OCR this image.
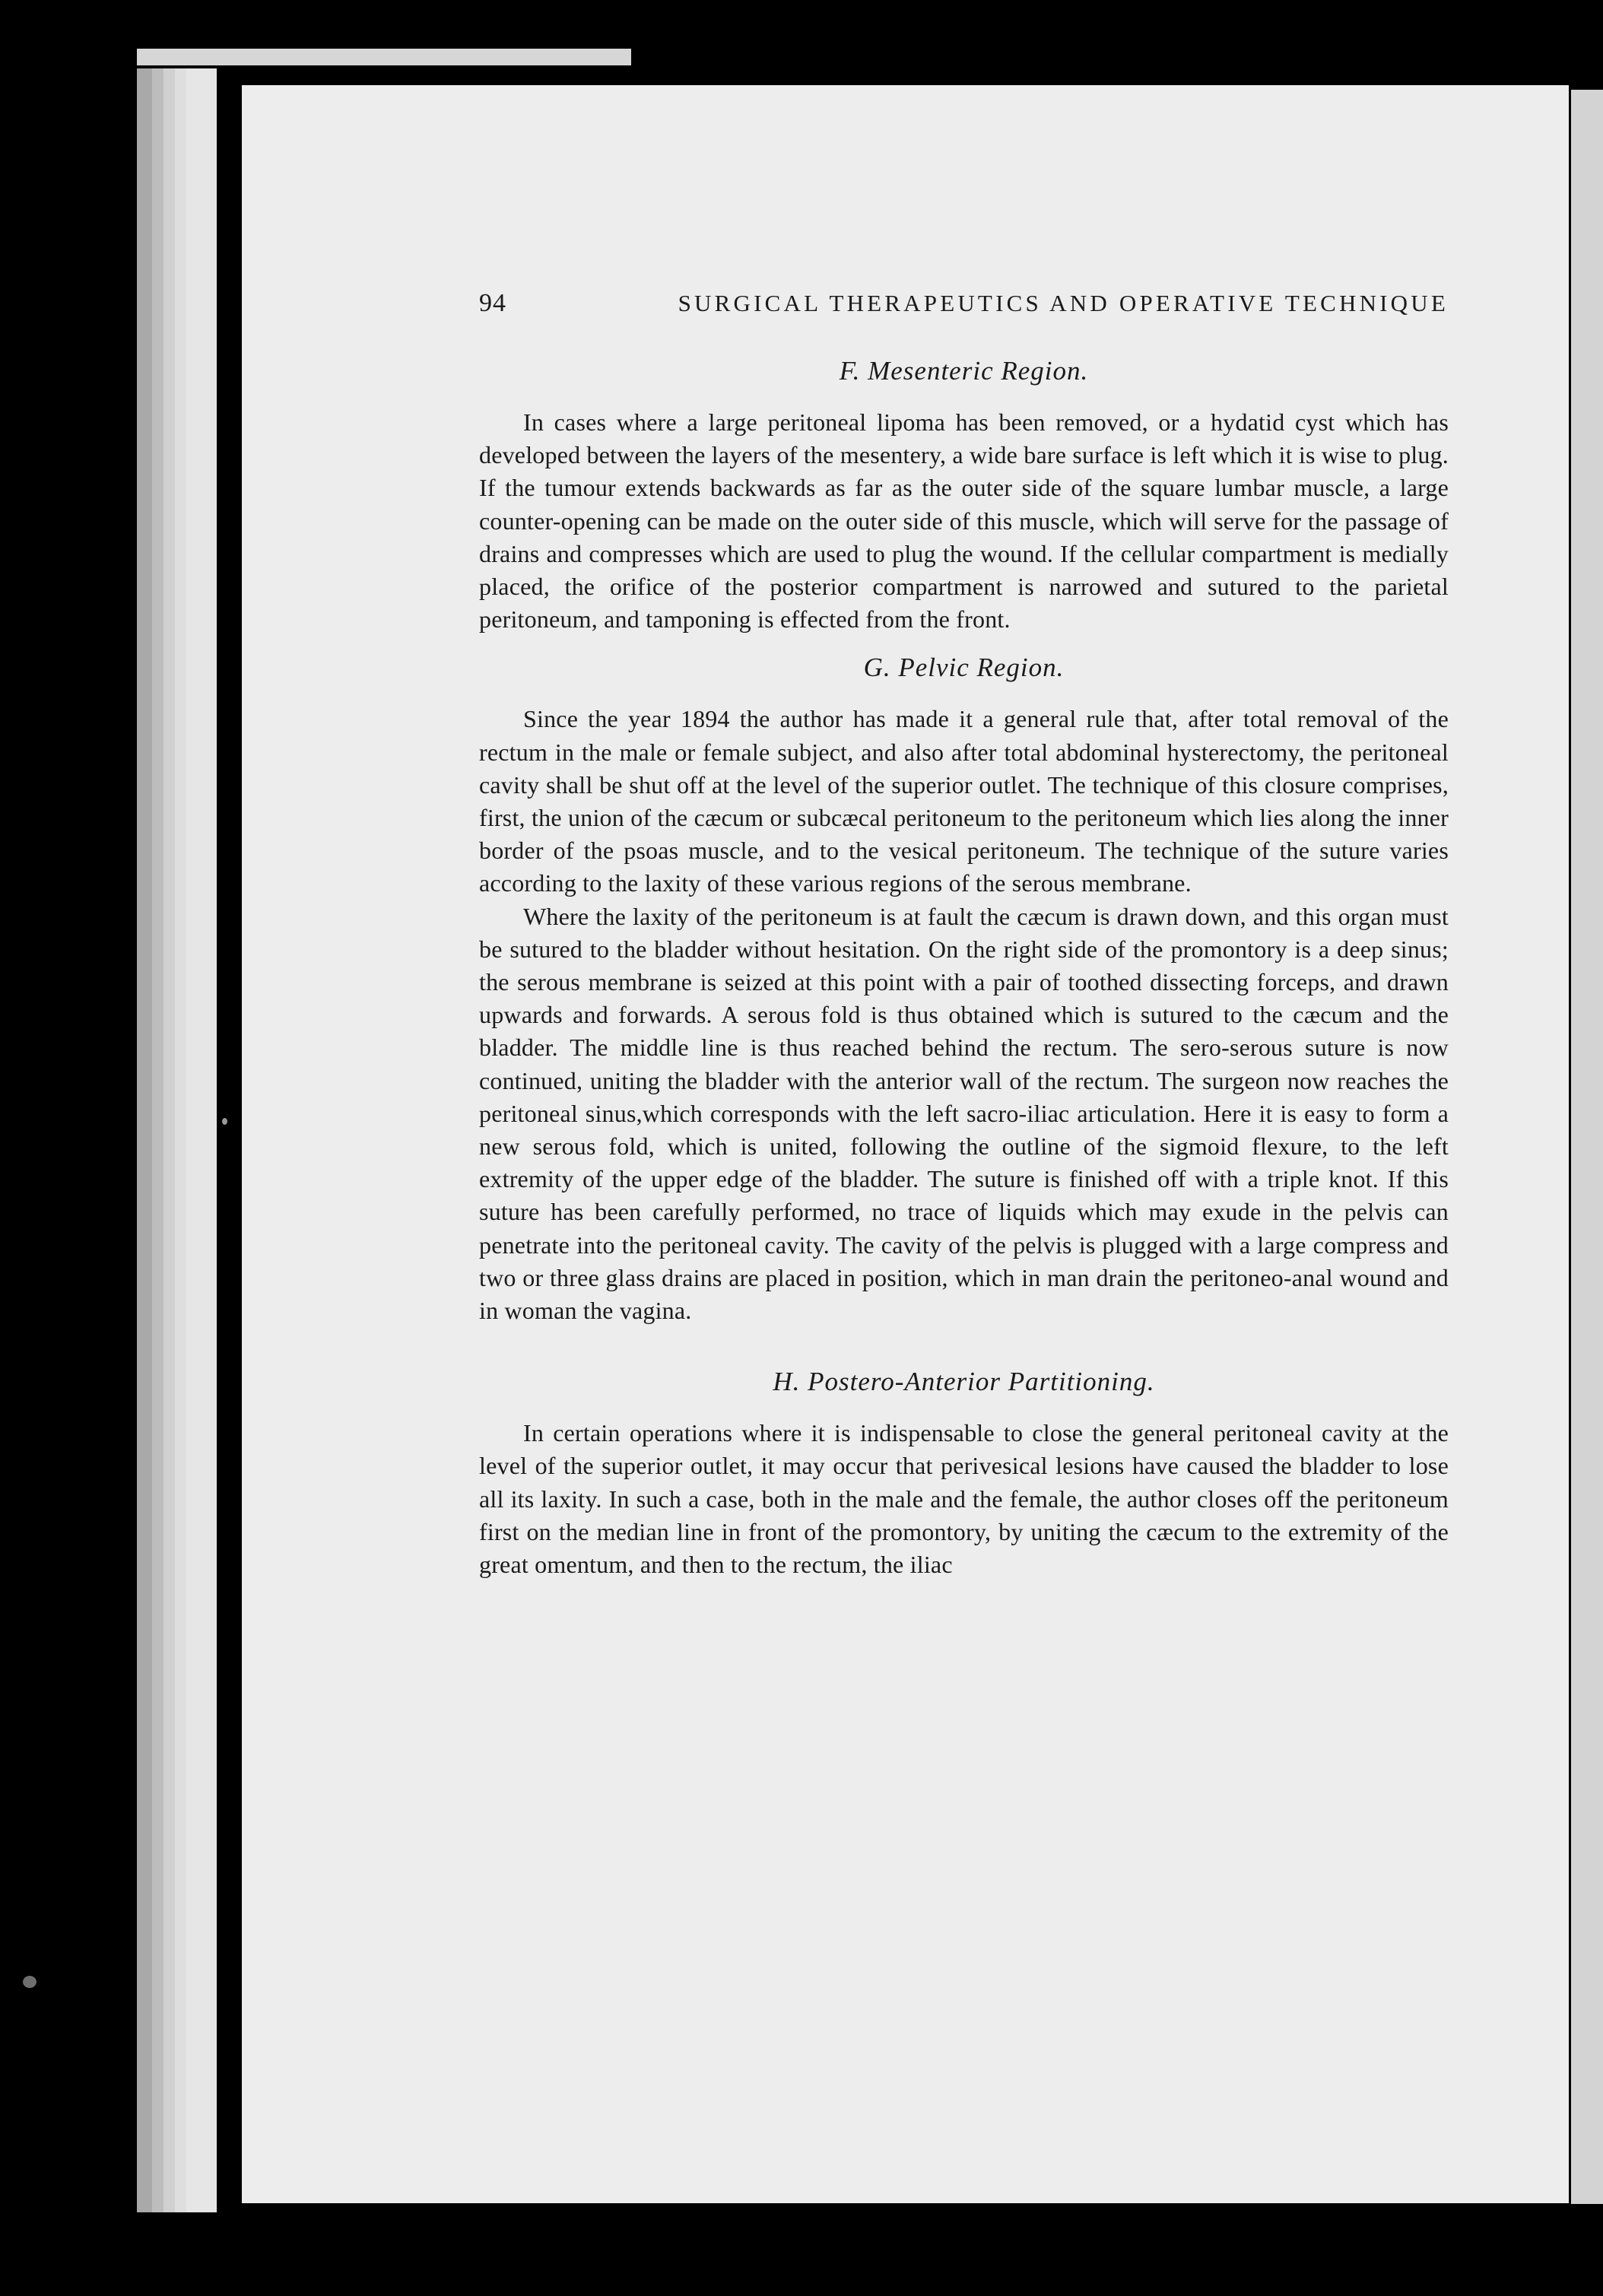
94	SURGICAL THERAPEUTICS AND OPERATIVE TECHNIQUE
F. Mesenteric Region.

In cases where a large peritoneal lipoma has been removed, or a hydatid cyst which has developed between the layers of the mesentery, a wide bare surface is left which it is wise to plug. If the tumour extends backwards as far as the outer side of the square lumbar muscle, a large counter-opening can be made on the outer side of this muscle, which will serve for the passage of drains and compresses which are used to plug the wound. If the cellular compartment is medially placed, the orifice of the posterior compartment is narrowed and sutured to the parietal peritoneum, and tamponing is effected from the front.

G. Pelvic Region.

Since the year 1894 the author has made it a general rule that, after total removal of the rectum in the male or female subject, and also after total abdominal hysterectomy, the peritoneal cavity shall be shut off at the level of the superior outlet. The technique of this closure comprises, first, the union of the cæcum or subcæcal peritoneum to the peritoneum which lies along the inner border of the psoas muscle, and to the vesical peritoneum. The technique of the suture varies according to the laxity of these various regions of the serous membrane.

Where the laxity of the peritoneum is at fault the cæcum is drawn down, and this organ must be sutured to the bladder without hesitation. On the right side of the promontory is a deep sinus; the serous membrane is seized at this point with a pair of toothed dissecting forceps, and drawn upwards and forwards. A serous fold is thus obtained which is sutured to the cæcum and the bladder. The middle line is thus reached behind the rectum. The sero-serous suture is now continued, uniting the bladder with the anterior wall of the rectum. The surgeon now reaches the peritoneal sinus,which corresponds with the left sacro-iliac articulation. Here it is easy to form a new serous fold, which is united, following the outline of the sigmoid flexure, to the left extremity of the upper edge of the bladder. The suture is finished off with a triple knot. If this suture has been carefully performed, no trace of liquids which may exude in the pelvis can penetrate into the peritoneal cavity. The cavity of the pelvis is plugged with a large compress and two or three glass drains are placed in position, which in man drain the peritoneo-anal wound and in woman the vagina.

H. Postero-Anterior Partitioning.

In certain operations where it is indispensable to close the general peritoneal cavity at the level of the superior outlet, it may occur that perivesical lesions have caused the bladder to lose all its laxity. In such a case, both in the male and the female, the author closes off the peritoneum first on the median line in front of the promontory, by uniting the cæcum to the extremity of the great omentum, and then to the rectum, the iliac
